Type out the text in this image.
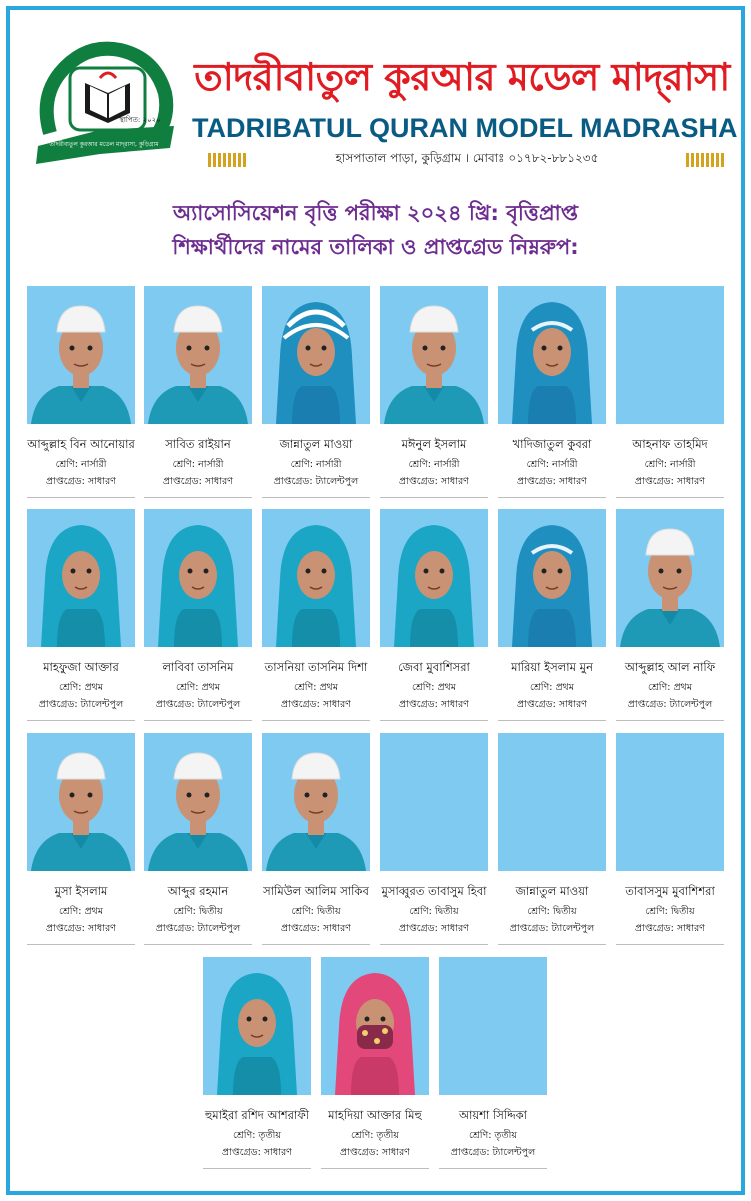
তাদরীবাতুল কুরআর মডেল মাদ্‌রাসা, কুড়িগ্রাম
স্থাপিত: ২০২০
তাদরীবাতুল কুরআর মডেল মাদ্‌রাসা
TADRIBATUL QURAN MODEL MADRASHA
হাসপাতাল পাড়া, কুড়িগ্রাম । মোবাঃ ০১৭৮২-৮৮১২৩৫
অ্যাসোসিয়েশন বৃত্তি পরীক্ষা ২০২৪ খ্রি: বৃত্তিপ্রাপ্ত
শিক্ষার্থীদের নামের তালিকা ও প্রাপ্তগ্রেড নিম্নরুপ:
আব্দুল্লাহ বিন আনোয়ার
শ্রেণি: নার্সারী
প্রাপ্তগ্রেড: সাধারণ
সাবিত রাইয়ান
শ্রেণি: নার্সারী
প্রাপ্তগ্রেড: সাধারণ
জান্নাতুল মাওয়া
শ্রেণি: নার্সারী
প্রাপ্তগ্রেড: ট্যালেন্টপুল
মঈনুল ইসলাম
শ্রেণি: নার্সারী
প্রাপ্তগ্রেড: সাধারণ
খাদিজাতুল কুবরা
শ্রেণি: নার্সারী
প্রাপ্তগ্রেড: সাধারণ
আহনাফ তাহমিদ
শ্রেণি: নার্সারী
প্রাপ্তগ্রেড: সাধারণ
মাহফুজা আক্তার
শ্রেণি: প্রথম
প্রাপ্তগ্রেড: ট্যালেন্টপুল
লাবিবা তাসনিম
শ্রেণি: প্রথম
প্রাপ্তগ্রেড: ট্যালেন্টপুল
তাসনিয়া তাসনিম দিশা
শ্রেণি: প্রথম
প্রাপ্তগ্রেড: সাধারণ
জেবা মুবাশিসরা
শ্রেণি: প্রথম
প্রাপ্তগ্রেড: সাধারণ
মারিয়া ইসলাম মুন
শ্রেণি: প্রথম
প্রাপ্তগ্রেড: সাধারণ
আব্দুল্লাহ আল নাফি
শ্রেণি: প্রথম
প্রাপ্তগ্রেড: ট্যালেন্টপুল
মুসা ইসলাম
শ্রেণি: প্রথম
প্রাপ্তগ্রেড: সাধারণ
আব্দুর রহমান
শ্রেণি: দ্বিতীয়
প্রাপ্তগ্রেড: ট্যালেন্টপুল
সামিউল আলিম সাকিব
শ্রেণি: দ্বিতীয়
প্রাপ্তগ্রেড: সাধারণ
মুসাব্বুরত তাবাসুম হিবা
শ্রেণি: দ্বিতীয়
প্রাপ্তগ্রেড: সাধারণ
জান্নাতুল মাওয়া
শ্রেণি: দ্বিতীয়
প্রাপ্তগ্রেড: ট্যালেন্টপুল
তাবাসসুম মুবাশিশরা
শ্রেণি: দ্বিতীয়
প্রাপ্তগ্রেড: সাধারণ
হুমাইরা রশিদ আশরাফী
শ্রেণি: তৃতীয়
প্রাপ্তগ্রেড: সাধারণ
মাহদিয়া আক্তার মিহু
শ্রেণি: তৃতীয়
প্রাপ্তগ্রেড: সাধারণ
আয়শা সিদ্দিকা
শ্রেণি: তৃতীয়
প্রাপ্তগ্রেড: ট্যালেন্টপুল
